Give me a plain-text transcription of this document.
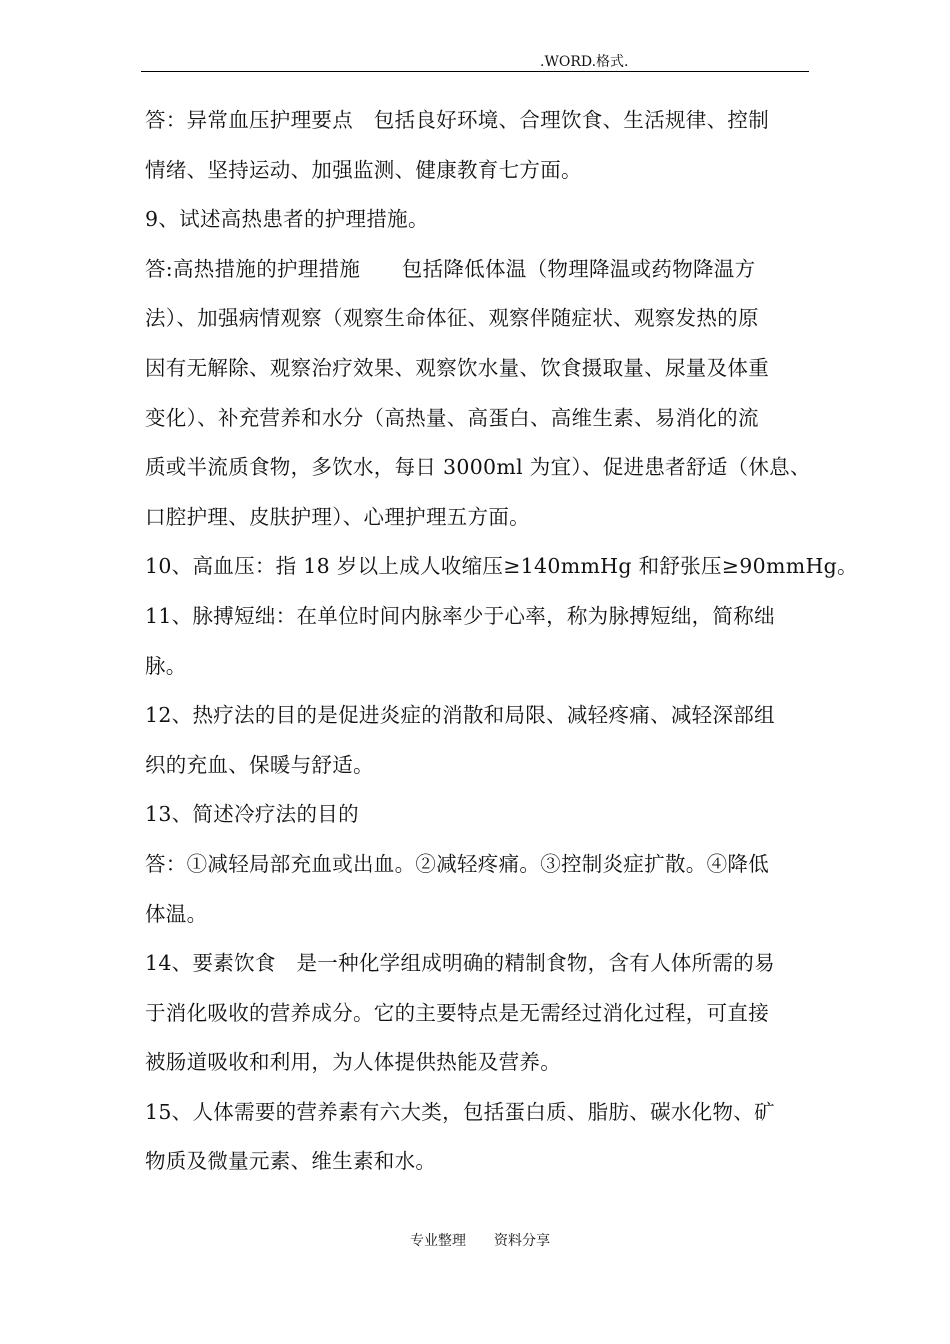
.WORD.格式.
答：异常血压护理要点　包括良好环境、合理饮食、生活规律、控制
情绪、坚持运动、加强监测、健康教育七方面。
9、试述高热患者的护理措施。
答:高热措施的护理措施　　包括降低体温（物理降温或药物降温方
法）、加强病情观察（观察生命体征、观察伴随症状、观察发热的原
因有无解除、观察治疗效果、观察饮水量、饮食摄取量、尿量及体重
变化）、补充营养和水分（高热量、高蛋白、高维生素、易消化的流
质或半流质食物，多饮水，每日 3000ml 为宜）、促进患者舒适（休息、
口腔护理、皮肤护理）、心理护理五方面。
10、高血压：指 18 岁以上成人收缩压≥140mmHg 和舒张压≥90mmHg。
11、脉搏短绌：在单位时间内脉率少于心率，称为脉搏短绌，简称绌
脉。
12、热疗法的目的是促进炎症的消散和局限、减轻疼痛、减轻深部组
织的充血、保暖与舒适。
13、简述冷疗法的目的
答：①减轻局部充血或出血。②减轻疼痛。③控制炎症扩散。④降低
体温。
14、要素饮食　是一种化学组成明确的精制食物，含有人体所需的易
于消化吸收的营养成分。它的主要特点是无需经过消化过程，可直接
被肠道吸收和利用，为人体提供热能及营养。
15、人体需要的营养素有六大类，包括蛋白质、脂肪、碳水化物、矿
物质及微量元素、维生素和水。
专业整理　　资料分享
